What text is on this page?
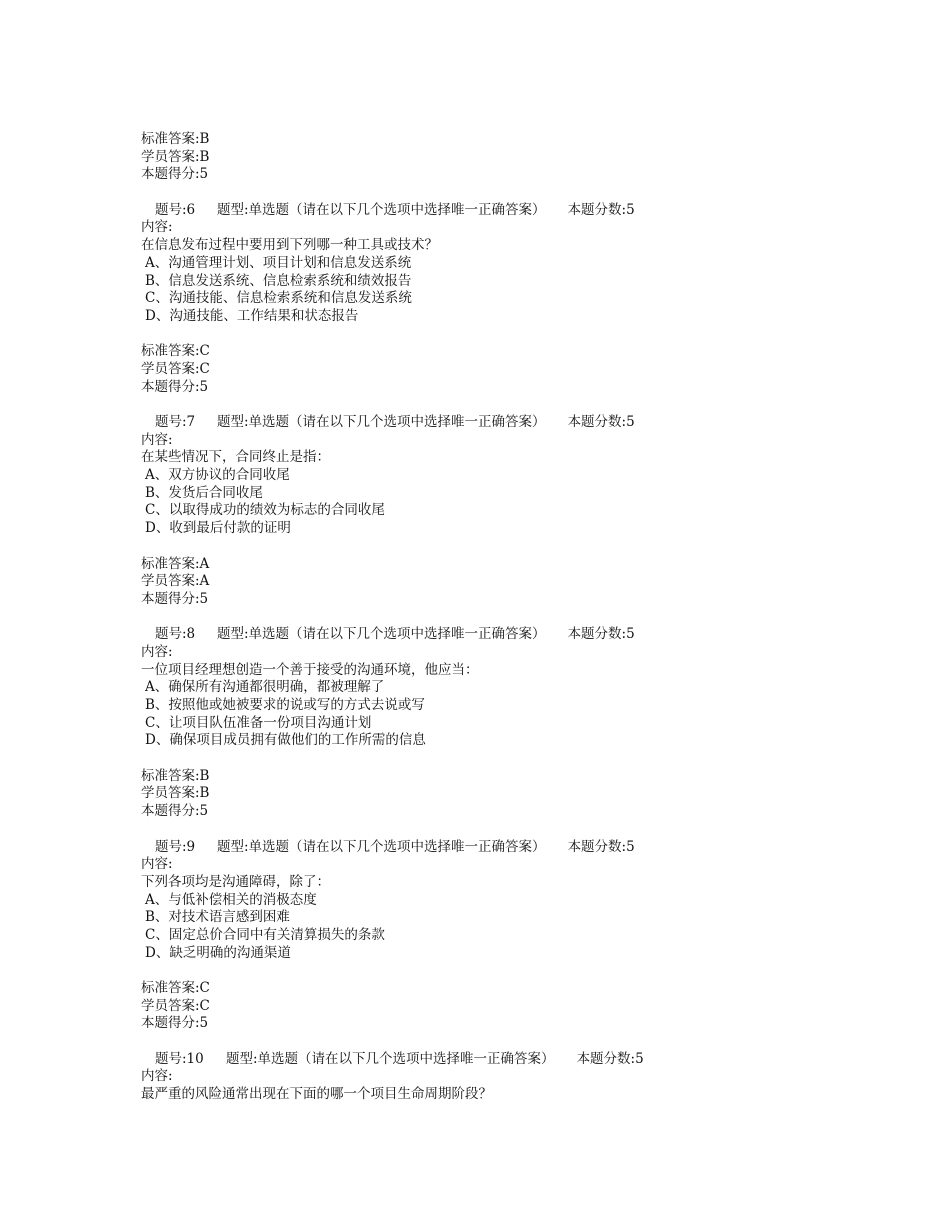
标准答案:B
学员答案:B
本题得分:5
题号:6 题型:单选题（请在以下几个选项中选择唯一正确答案） 本题分数:5
内容:
在信息发布过程中要用到下列哪一种工具或技术？
A、沟通管理计划、项目计划和信息发送系统
B、信息发送系统、信息检索系统和绩效报告
C、沟通技能、信息检索系统和信息发送系统
D、沟通技能、工作结果和状态报告
标准答案:C
学员答案:C
本题得分:5
题号:7 题型:单选题（请在以下几个选项中选择唯一正确答案） 本题分数:5
内容:
在某些情况下，合同终止是指：
A、双方协议的合同收尾
B、发货后合同收尾
C、以取得成功的绩效为标志的合同收尾
D、收到最后付款的证明
标准答案:A
学员答案:A
本题得分:5
题号:8 题型:单选题（请在以下几个选项中选择唯一正确答案） 本题分数:5
内容:
一位项目经理想创造一个善于接受的沟通环境，他应当：
A、确保所有沟通都很明确，都被理解了
B、按照他或她被要求的说或写的方式去说或写
C、让项目队伍准备一份项目沟通计划
D、确保项目成员拥有做他们的工作所需的信息
标准答案:B
学员答案:B
本题得分:5
题号:9 题型:单选题（请在以下几个选项中选择唯一正确答案） 本题分数:5
内容:
下列各项均是沟通障碍，除了：
A、与低补偿相关的消极态度
B、对技术语言感到困难
C、固定总价合同中有关清算损失的条款
D、缺乏明确的沟通渠道
标准答案:C
学员答案:C
本题得分:5
题号:10 题型:单选题（请在以下几个选项中选择唯一正确答案） 本题分数:5
内容:
最严重的风险通常出现在下面的哪一个项目生命周期阶段？
